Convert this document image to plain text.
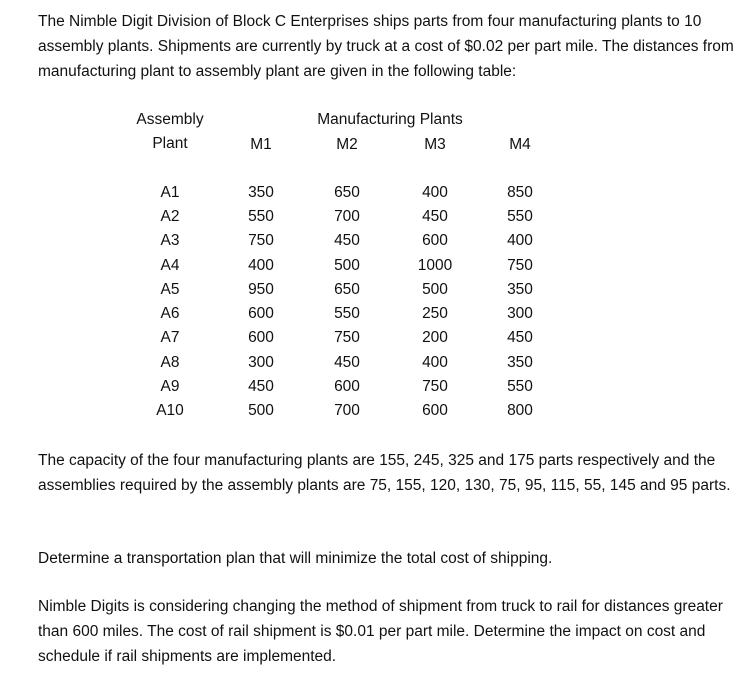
The Nimble Digit Division of Block C Enterprises ships parts from four manufacturing plants to 10 assembly plants. Shipments are currently by truck at a cost of $0.02 per part mile. The distances from manufacturing plant to assembly plant are given in the following table:

Assembly
Plant
Manufacturing Plants
M1	M2	M3	M4
A1	350	650	400	850
A2	550	700	450	550
A3	750	450	600	400
A4	400	500	1000	750
A5	950	650	500	350
A6	600	550	250	300
A7	600	750	200	450
A8	300	450	400	350
A9	450	600	750	550
A10	500	700	600	800

The capacity of the four manufacturing plants are 155, 245, 325 and 175 parts respectively and the assemblies required by the assembly plants are 75, 155, 120, 130, 75, 95, 115, 55, 145 and 95 parts.

Determine a transportation plan that will minimize the total cost of shipping.

Nimble Digits is considering changing the method of shipment from truck to rail for distances greater than 600 miles. The cost of rail shipment is $0.01 per part mile. Determine the impact on cost and schedule if rail shipments are implemented.
